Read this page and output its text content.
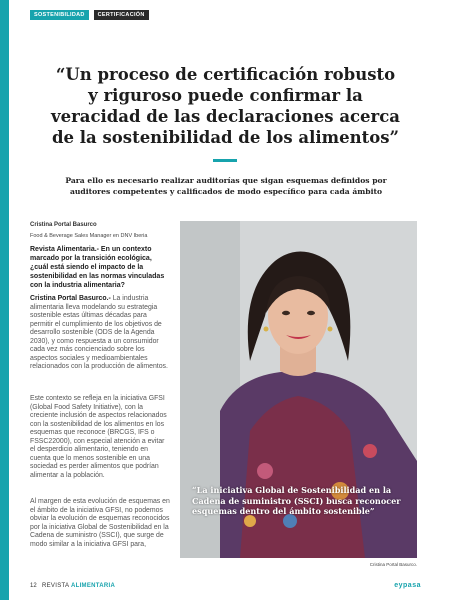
SOSTENIBILIDAD	CERTIFICACIÓN
“Un proceso de certificación robusto y riguroso puede confirmar la veracidad de las declaraciones acerca de la sostenibilidad de los alimentos”

Para ello es necesario realizar auditorías que sigan esquemas definidos por auditores competentes y calificados de modo específico para cada ámbito

Cristina Portal Basurco
Food & Beverage Sales Manager en DNV Iberia

Revista Alimentaria.- En un contexto marcado por la transición ecológica, ¿cuál está siendo el impacto de la sostenibilidad en las normas vinculadas con la industria alimentaria?

Cristina Portal Basurco.- La industria alimentaria lleva modelando su estrategia sostenible estas últimas décadas para permitir el cumplimiento de los objetivos de desarrollo sostenible (ODS de la Agenda 2030), y como respuesta a un consumidor cada vez más concienciado sobre los aspectos sociales y medioambientales relacionados con la producción de alimentos.

Este contexto se refleja en la iniciativa GFSI (Global Food Safety Initiative), con la creciente inclusión de aspectos relacionados con la sostenibilidad de los alimentos en los esquemas que reconoce (BRCGS, IFS o FSSC22000), con especial atención a evitar el desperdicio alimentario, teniendo en cuenta que lo menos sostenible en una sociedad es perder alimentos que podrían alimentar a la población.

Al margen de esta evolución de esquemas en el ámbito de la iniciativa GFSI, no podemos obviar la evolución de esquemas reconocidos por la iniciativa Global de Sostenibilidad en la Cadena de suministro (SSCI), que surge de modo similar a la iniciativa GFSI para,

“La iniciativa Global de Sostenibilidad en la Cadena de suministro (SSCI) busca reconocer esquemas dentro del ámbito sostenible”

Cristina Portal Basurco.
12 REVISTA ALIMENTARIA	eypasa
